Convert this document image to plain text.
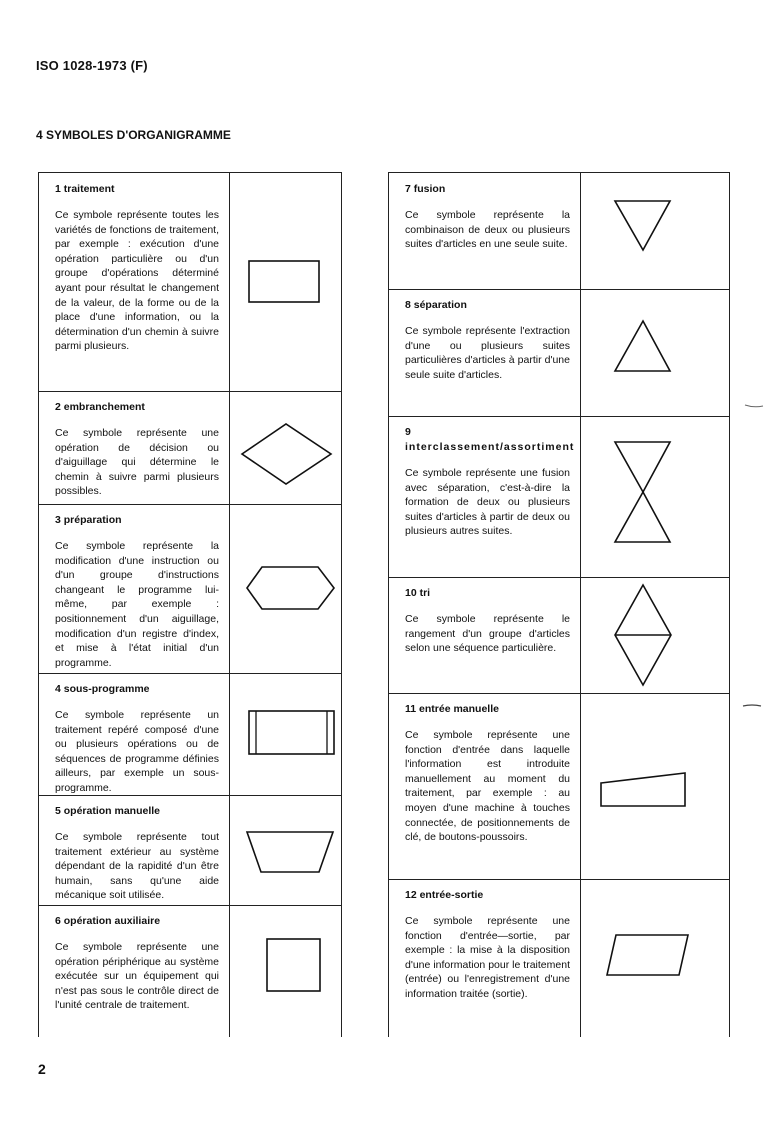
ISO 1028-1973 (F)
4 SYMBOLES D'ORGANIGRAMME

1 traitement

Ce symbole représente toutes les variétés de fonctions de traitement, par exemple : exécution d'une opération particulière ou d'un groupe d'opérations déterminé ayant pour résultat le changement de la valeur, de la forme ou de la place d'une information, ou la détermination d'un chemin à suivre parmi plusieurs.

2 embranchement

Ce symbole représente une opération de décision ou d'aiguillage qui détermine le chemin à suivre parmi plusieurs possibles.

3 préparation

Ce symbole représente la modification d'une instruction ou d'un groupe d'instructions changeant le programme lui-même, par exemple : positionnement d'un aiguillage, modification d'un registre d'index, et mise à l'état initial d'un programme.

4 sous-programme

Ce symbole représente un traitement repéré composé d'une ou plusieurs opérations ou de séquences de programme définies ailleurs, par exemple un sous-programme.

5 opération manuelle

Ce symbole représente tout traitement extérieur au système dépendant de la rapidité d'un être humain, sans qu'une aide mécanique soit utilisée.

6 opération auxiliaire

Ce symbole représente une opération périphérique au système exécutée sur un équipement qui n'est pas sous le contrôle direct de l'unité centrale de traitement.

7 fusion

Ce symbole représente la combinaison de deux ou plusieurs suites d'articles en une seule suite.

8 séparation

Ce symbole représente l'extraction d'une ou plusieurs suites particulières d'articles à partir d'une seule suite d'articles.

9 interclassement/assortiment

Ce symbole représente une fusion avec séparation, c'est-à-dire la formation de deux ou plusieurs suites d'articles à partir de deux ou plusieurs autres suites.

10 tri

Ce symbole représente le rangement d'un groupe d'articles selon une séquence particulière.

11 entrée manuelle

Ce symbole représente une fonction d'entrée dans laquelle l'information est introduite manuellement au moment du traitement, par exemple : au moyen d'une machine à touches connectée, de positionnements de clé, de boutons-poussoirs.

12 entrée-sortie

Ce symbole représente une fonction d'entrée—sortie, par exemple : la mise à la disposition d'une information pour le traitement (entrée) ou l'enregistrement d'une information traitée (sortie).

2
